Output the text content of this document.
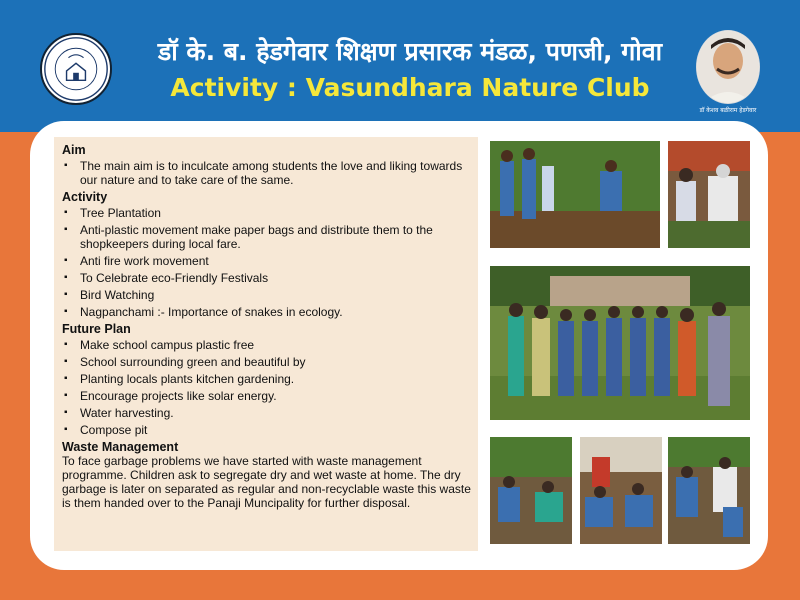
डॉ के. ब. हेडगेवार शिक्षण प्रसारक मंडळ, पणजी, गोवा
Activity : Vasundhara Nature Club
डॉ केशव बळीराम हेडगेवार
Aim
▪ The main aim is to inculcate among students the love and liking towards our nature and to take care of the same.
Activity
▪ Tree Plantation
▪ Anti-plastic movement make paper bags and distribute them to the shopkeepers during local fare.
▪ Anti fire work movement
▪ To Celebrate eco-Friendly Festivals
▪ Bird Watching
▪ Nagpanchami :- Importance of snakes in ecology.
Future Plan
▪ Make school campus plastic free
▪ School surrounding green and beautiful by
▪ Planting locals plants kitchen gardening.
▪ Encourage projects like solar energy.
▪ Water harvesting.
▪ Compose pit
Waste Management

To face garbage problems we have started with waste management programme. Children ask to segregate dry and wet waste at home. The dry garbage is later on separated as regular and non-recyclable waste this waste is them handed over to the Panaji Muncipality for further disposal.
